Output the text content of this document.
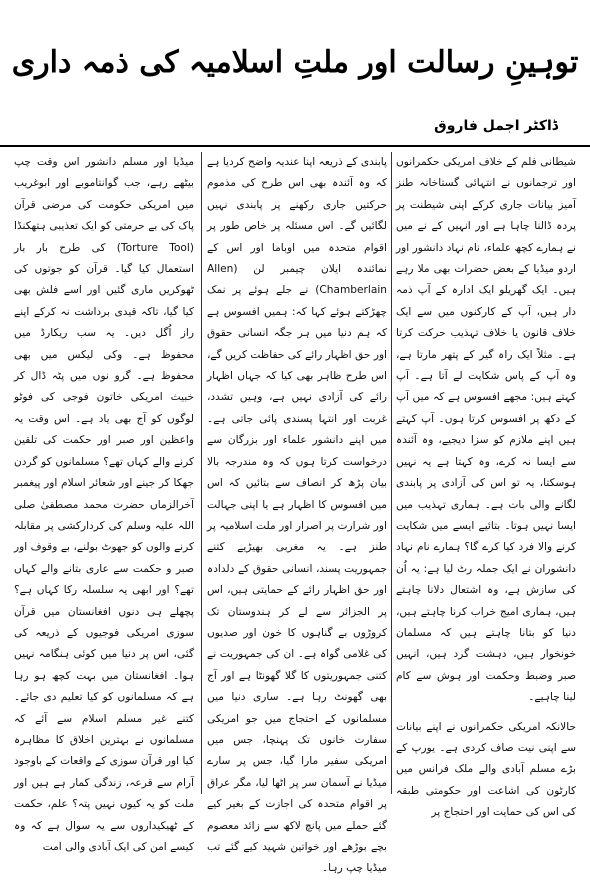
توہینِ رسالت اور ملتِ اسلامیہ کی ذمہ داری
ڈاکٹر اجمل فاروق

شیطانی فلم کے خلاف امریکی حکمرانوں اور ترجمانوں نے انتہائی گستاخانہ طنز آمیز بیانات جاری کرکے اپنی شیطنت پر پردہ ڈالنا چاہا ہے اور انہیں کے نے میں نے ہمارے کچھ علماء، نام نہاد دانشور اور اردو میڈیا کے بعض حضرات بھی ملا رہے ہیں۔ ایک گھریلو ایک ادارہ کے آپ ذمہ دار ہیں، آپ کے کارکنوں میں سے ایک خلاف قانون یا خلاف تہذیب حرکت کرتا ہے۔ مثلاً ایک راہ گیر کے پتھر مارتا ہے، وہ آپ کے پاس شکایت لے آتا ہے۔ آپ کہتے ہیں: مجھے افسوس ہے کہ میں آپ کے دکھ پر افسوس کرتا ہوں۔ آپ کہتے ہیں اپنے ملازم کو سزا دیجیے، وہ آئندہ سے ایسا نہ کرے، وہ کہتا ہے یہ نہیں ہوسکتا، یہ تو اس کی آزادی پر پابندی لگانے والی بات ہے۔ ہماری تہذیب میں ایسا نہیں ہوتا۔ بتائیے ایسے میں شکایت کرنے والا فرد کیا کرے گا؟ ہمارے نام نہاد دانشوران نے ایک جملہ رٹ لیا ہے: یہ اُن کی سازش ہے، وہ اشتعال دلانا چاہتے ہیں، ہماری امیج خراب کرنا چاہتے ہیں، دنیا کو بتانا چاہتے ہیں کہ مسلمان خونخوار ہیں، دہشت گرد ہیں، انہیں صبر وضبط وحکمت اور ہوش سے کام لینا چاہیے۔

حالانکہ امریکی حکمرانوں نے اپنے بیانات سے اپنی نیت صاف کردی ہے۔ یورپ کے بڑے مسلم آبادی والے ملک فرانس میں کارٹون کی اشاعت اور حکومتی طبقہ کی اس کی حمایت اور احتجاج پر

پابندی کے ذریعہ اپنا عندیہ واضح کردیا ہے کہ وہ آئندہ بھی اس طرح کی مذموم حرکتیں جاری رکھنے پر پابندی نہیں لگائیں گے۔ اس مسئلہ پر خاص طور پر اقوام متحدہ میں اوباما اور اس کے نمائندہ ایلان چیمبر لن (Allen Chamberlain) نے جلے ہوئے پر نمک چھڑکتے ہوئے کہا کہ: ہمیں افسوس ہے کہ ہم دنیا میں ہر جگہ انسانی حقوق اور حق اظہار رائے کی حفاظت کریں گے، اس طرح ظاہر بھی کیا کہ جہاں اظہار رائے کی آزادی نہیں ہے، وہیں تشدد، غربت اور انتہا پسندی پائی جاتی ہے۔ میں اپنے دانشور علماء اور بزرگان سے درخواست کرتا ہوں کہ وہ مندرجہ بالا بیان پڑھ کر انصاف سے بتائیں کہ اس میں افسوس کا اظہار ہے یا اپنی جہالت اور شرارت پر اصرار اور ملت اسلامیہ پر طنز ہے۔ یہ مغربی بھیڑیے کتنے جمہوریت پسند، انسانی حقوق کے دلدادہ اور حق اظہار رائے کے حمایتی ہیں، اس پر الجزائر سے لے کر ہندوستان تک کروڑوں بے گناہوں کا خون اور صدیوں کی غلامی گواہ ہے۔ ان کی جمہوریت نے کتنی جمہوریتوں کا گلا گھونٹا ہے اور آج بھی گھونٹ رہا ہے۔ ساری دنیا میں مسلمانوں کے احتجاج میں جو امریکی سفارت خانوں تک پہنچا، جس میں امریکی سفیر مارا گیا، جس پر سارے میڈیا نے آسمان سر پر اٹھا لیا، مگر عراق پر اقوام متحدہ کی اجازت کے بغیر کیے گئے حملے میں پانچ لاکھ سے زائد معصوم بچے بوڑھے اور خواتین شہید کیے گئے تب میڈیا چپ رہا۔

میڈیا اور مسلم دانشور اس وقت چپ بیٹھے رہے، جب گوانتاموبے اور ابوغریب میں امریکی حکومت کی مرضی قرآن پاک کی بے حرمتی کو ایک تعذیبی ہتھکنڈا (Torture Tool) کی طرح بار بار استعمال کیا گیا۔ قرآن کو جوتوں کی ٹھوکریں ماری گئیں اور اسے فلش بھی کیا گیا، تاکہ قیدی برداشت نہ کرکے اپنے راز اُگل دیں۔ یہ سب ریکارڈ میں محفوظ ہے۔ وکی لیکس میں بھی محفوظ ہے۔ گرو نوں میں پٹہ ڈال کر خبیث امریکی خاتون فوجی کی فوٹو لوگوں کو آج بھی یاد ہے۔ اس وقت یہ واعظین اور صبر اور حکمت کی تلقین کرنے والے کہاں تھے؟ مسلمانوں کو گردن جھکا کر جینے اور شعائر اسلام اور پیغمبر آخرالزماں حضرت محمد مصطفیٰ صلی اللہ علیہ وسلم کی کردارکشی پر مقابلہ کرنے والوں کو جھوٹ بولنے، بے وقوف اور صبر و حکمت سے عاری بتانے والے کہاں تھے؟ اور ابھی یہ سلسلہ رکا کہاں ہے؟ پچھلے ہی دنوں افغانستان میں قرآن سوزی امریکی فوجیوں کے ذریعہ کی گئی، اس پر دنیا میں کوئی ہنگامہ نہیں ہوا۔ افغانستان میں بہت کچھ ہو رہا ہے کہ مسلمانوں کو کیا تعلیم دی جائے۔ کتنے غیر مسلم اسلام سے آئے کہ مسلمانوں نے بہترین اخلاق کا مظاہرہ کیا اور قرآن سوزی کے واقعات کے باوجود آرام سے قرعہ، زندگی کمار ہے ہیں اور ملت کو یہ کیوں نہیں پتہ؟ علم، حکمت کے ٹھیکیداروں سے یہ سوال ہے کہ وہ کیسے امن کی ایک آبادی والی امت
